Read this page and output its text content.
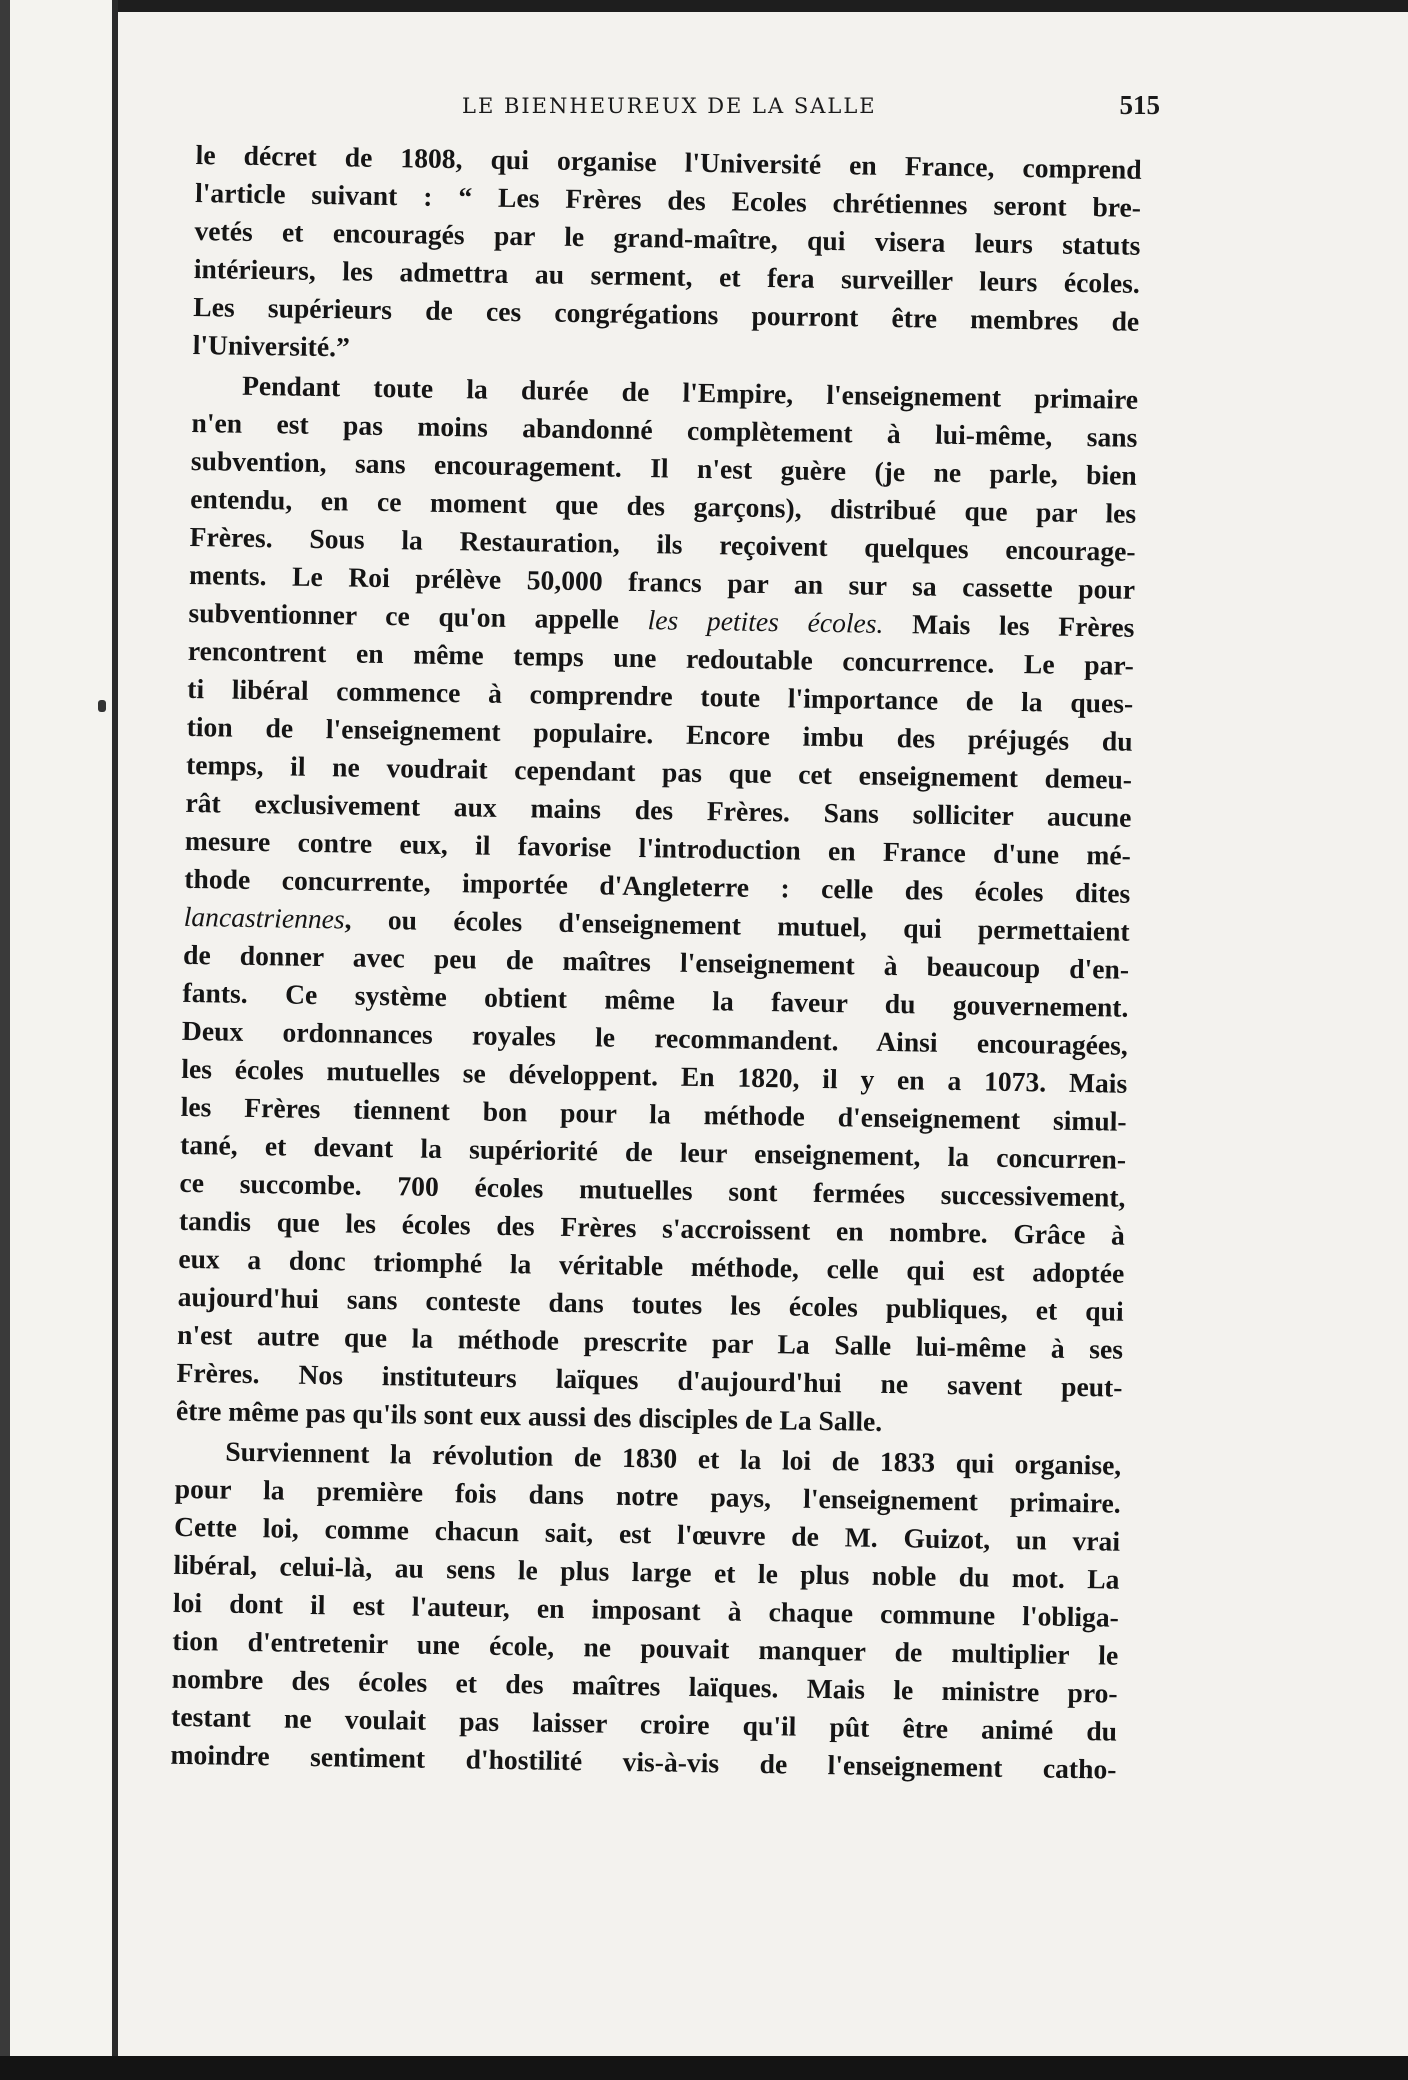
LE BIENHEUREUX DE LA SALLE	515
le décret de 1808, qui organise l'Université en France, comprend
l'article suivant : “ Les Frères des Ecoles chrétiennes seront bre-
vetés et encouragés par le grand-maître, qui visera leurs statuts
intérieurs, les admettra au serment, et fera surveiller leurs écoles.
Les supérieurs de ces congrégations pourront être membres de
l'Université.”
Pendant toute la durée de l'Empire, l'enseignement primaire
n'en est pas moins abandonné complètement à lui-même, sans
subvention, sans encouragement. Il n'est guère (je ne parle, bien
entendu, en ce moment que des garçons), distribué que par les
Frères. Sous la Restauration, ils reçoivent quelques encourage-
ments. Le Roi prélève 50,000 francs par an sur sa cassette pour
subventionner ce qu'on appelle les petites écoles. Mais les Frères
rencontrent en même temps une redoutable concurrence. Le par-
ti libéral commence à comprendre toute l'importance de la ques-
tion de l'enseignement populaire. Encore imbu des préjugés du
temps, il ne voudrait cependant pas que cet enseignement demeu-
rât exclusivement aux mains des Frères. Sans solliciter aucune
mesure contre eux, il favorise l'introduction en France d'une mé-
thode concurrente, importée d'Angleterre : celle des écoles dites
lancastriennes, ou écoles d'enseignement mutuel, qui permettaient
de donner avec peu de maîtres l'enseignement à beaucoup d'en-
fants. Ce système obtient même la faveur du gouvernement.
Deux ordonnances royales le recommandent. Ainsi encouragées,
les écoles mutuelles se développent. En 1820, il y en a 1073. Mais
les Frères tiennent bon pour la méthode d'enseignement simul-
tané, et devant la supériorité de leur enseignement, la concurren-
ce succombe. 700 écoles mutuelles sont fermées successivement,
tandis que les écoles des Frères s'accroissent en nombre. Grâce à
eux a donc triomphé la véritable méthode, celle qui est adoptée
aujourd'hui sans conteste dans toutes les écoles publiques, et qui
n'est autre que la méthode prescrite par La Salle lui-même à ses
Frères. Nos instituteurs laïques d'aujourd'hui ne savent peut-
être même pas qu'ils sont eux aussi des disciples de La Salle.
Surviennent la révolution de 1830 et la loi de 1833 qui organise,
pour la première fois dans notre pays, l'enseignement primaire.
Cette loi, comme chacun sait, est l'œuvre de M. Guizot, un vrai
libéral, celui-là, au sens le plus large et le plus noble du mot. La
loi dont il est l'auteur, en imposant à chaque commune l'obliga-
tion d'entretenir une école, ne pouvait manquer de multiplier le
nombre des écoles et des maîtres laïques. Mais le ministre pro-
testant ne voulait pas laisser croire qu'il pût être animé du
moindre sentiment d'hostilité vis-à-vis de l'enseignement catho-
